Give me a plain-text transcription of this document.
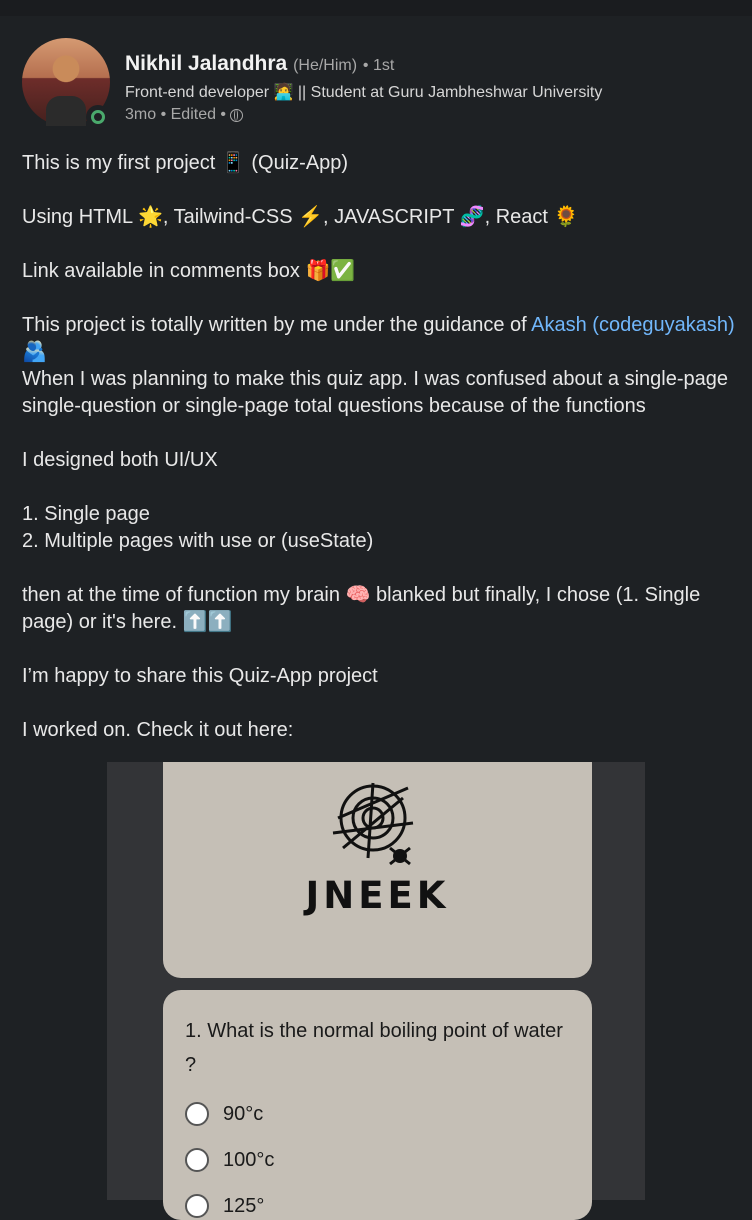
Nikhil Jalandhra (He/Him) • 1st
Front-end developer 🧑‍💻 || Student at Guru Jambheshwar University
3mo • Edited •

This is my first project 📱 (Quiz-App)

Using HTML 🌟, Tailwind-CSS ⚡, JAVASCRIPT 🧬, React 🌻

Link available in comments box 🎁✅

This project is totally written by me under the guidance of Akash (codeguyakash) 🫂

When I was planning to make this quiz app. I was confused about a single-page single-question or single-page total questions because of the functions

I designed both UI/UX

1. Single page

2. Multiple pages with use or (useState)

then at the time of function my brain 🧠 blanked but finally, I chose (1. Single page) or it's here. ⬆️⬆️

I’m happy to share this Quiz-App project

I worked on. Check it out here:

JNEEK
1. What is the normal boiling point of water ?
90°c
100°c
125°
